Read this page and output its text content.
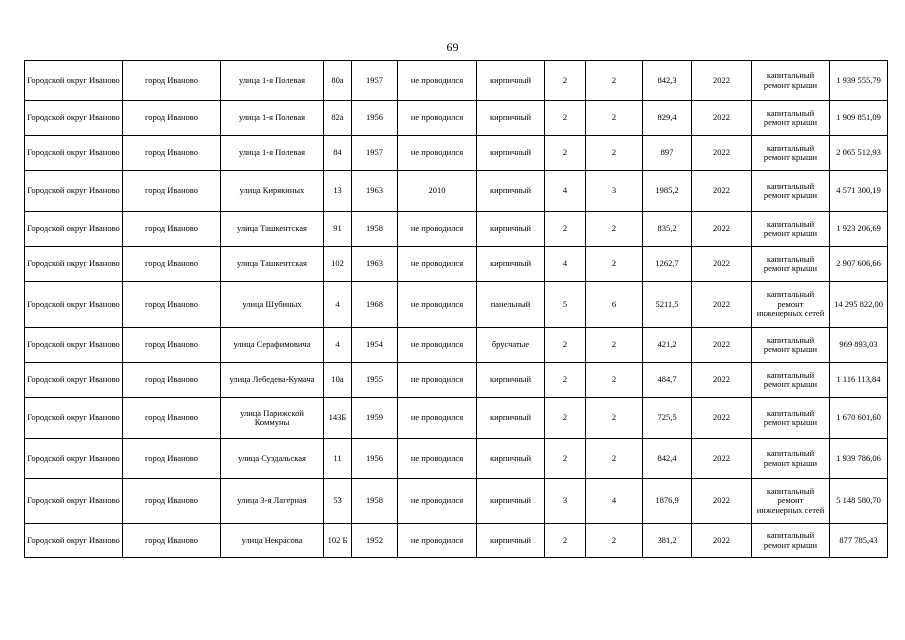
69
Городской округ Иваново	город Иваново	улица 1-я Полевая	80а	1957	не проводился	кирпичный	2	2	842,3	2022	капитальный ремонт крыши	1 939 555,79
Городской округ Иваново	город Иваново	улица 1-я Полевая	82а	1956	не проводился	кирпичный	2	2	829,4	2022	капитальный ремонт крыши	1 909 851,09
Городской округ Иваново	город Иваново	улица 1-я Полевая	84	1957	не проводился	кирпичный	2	2	897	2022	капитальный ремонт крыши	2 065 512,93
Городской округ Иваново	город Иваново	улица Кирякиных	13	1963	2010	кирпичный	4	3	1985,2	2022	капитальный ремонт крыши	4 571 300,19
Городской округ Иваново	город Иваново	улица Ташкентская	91	1958	не проводился	кирпичный	2	2	835,2	2022	капитальный ремонт крыши	1 923 206,69
Городской округ Иваново	город Иваново	улица Ташкентская	102	1963	не проводился	кирпичный	4	2	1262,7	2022	капитальный ремонт крыши	2 907 606,66
Городской округ Иваново	город Иваново	улица Шубиных	4	1968	не проводился	панельный	5	6	5211,5	2022	капитальный ремонт инженерных сетей	14 295 822,00
Городской округ Иваново	город Иваново	улица Серафимовича	4	1954	не проводился	брусчатые	2	2	421,2	2022	капитальный ремонт крыши	969 893,03
Городской округ Иваново	город Иваново	улица Лебедева-Кумача	10а	1955	не проводился	кирпичный	2	2	484,7	2022	капитальный ремонт крыши	1 116 113,84
Городской округ Иваново	город Иваново	улица Парижской Коммуны	143Б	1959	не проводился	кирпичный	2	2	725,5	2022	капитальный ремонт крыши	1 670 601,60
Городской округ Иваново	город Иваново	улица Суздальская	11	1956	не проводился	кирпичный	2	2	842,4	2022	капитальный ремонт крыши	1 939 786,06
Городской округ Иваново	город Иваново	улица 3-я Лагерная	53	1958	не проводился	кирпичный	3	4	1876,9	2022	капитальный ремонт инженерных сетей	5 148 580,70
Городской округ Иваново	город Иваново	улица Некрасова	102 Б	1952	не проводился	кирпичный	2	2	381,2	2022	капитальный ремонт крыши	877 785,43
